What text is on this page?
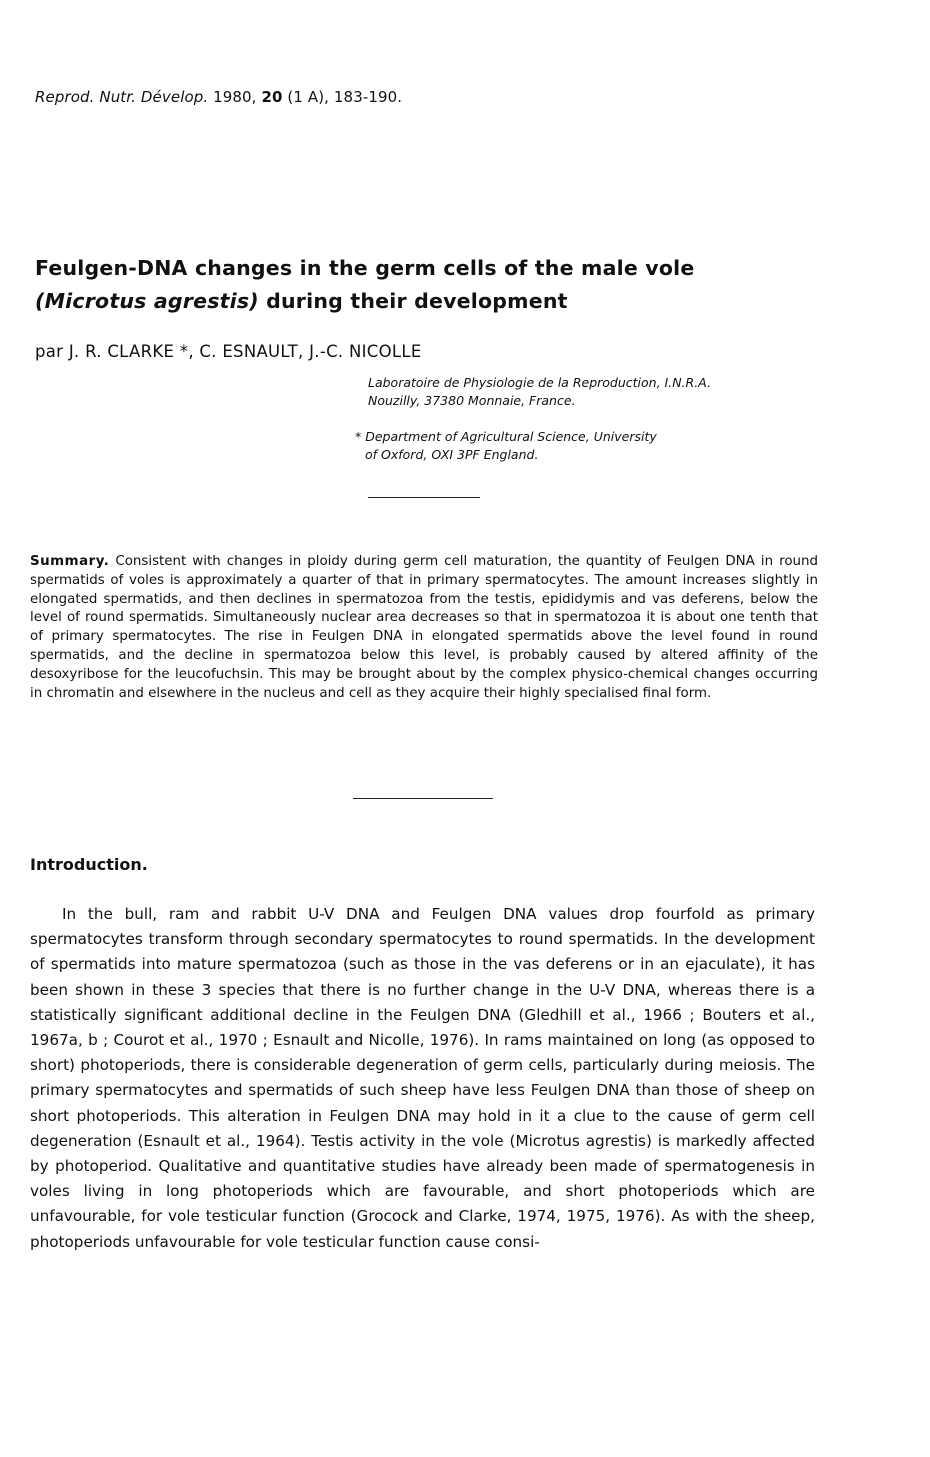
Reprod. Nutr. Dévelop. 1980, 20 (1 A), 183-190.
Feulgen-DNA changes in the germ cells of the male vole
(Microtus agrestis) during their development
par J. R. CLARKE *, C. ESNAULT, J.-C. NICOLLE
Laboratoire de Physiologie de la Reproduction, I.N.R.A.
Nouzilly, 37380 Monnaie, France.
* Department of Agricultural Science, University
of Oxford, OXI 3PF England.
Summary. Consistent with changes in ploidy during germ cell maturation, the quantity of Feulgen DNA in round spermatids of voles is approximately a quarter of that in primary spermatocytes. The amount increases slightly in elongated spermatids, and then declines in spermatozoa from the testis, epididymis and vas deferens, below the level of round spermatids. Simultaneously nuclear area decreases so that in spermatozoa it is about one tenth that of primary spermatocytes. The rise in Feulgen DNA in elongated spermatids above the level found in round spermatids, and the decline in spermatozoa below this level, is probably caused by altered affinity of the desoxyribose for the leucofuchsin. This may be brought about by the complex physico-chemical changes occurring in chromatin and elsewhere in the nucleus and cell as they acquire their highly specialised final form.
Introduction.

In the bull, ram and rabbit U-V DNA and Feulgen DNA values drop fourfold as primary spermatocytes transform through secondary spermatocytes to round spermatids. In the development of spermatids into mature spermatozoa (such as those in the vas deferens or in an ejaculate), it has been shown in these 3 species that there is no further change in the U-V DNA, whereas there is a statistically significant additional decline in the Feulgen DNA (Gledhill et al., 1966 ; Bouters et al., 1967a, b ; Courot et al., 1970 ; Esnault and Nicolle, 1976). In rams maintained on long (as opposed to short) photoperiods, there is considerable degeneration of germ cells, particularly during meiosis. The primary spermatocytes and spermatids of such sheep have less Feulgen DNA than those of sheep on short photoperiods. This alteration in Feulgen DNA may hold in it a clue to the cause of germ cell degeneration (Esnault et al., 1964). Testis activity in the vole (Microtus agrestis) is markedly affected by photoperiod. Qualitative and quantitative studies have already been made of spermatogenesis in voles living in long photoperiods which are favourable, and short photoperiods which are unfavourable, for vole testicular function (Grocock and Clarke, 1974, 1975, 1976). As with the sheep, photoperiods unfavourable for vole testicular function cause consi-
